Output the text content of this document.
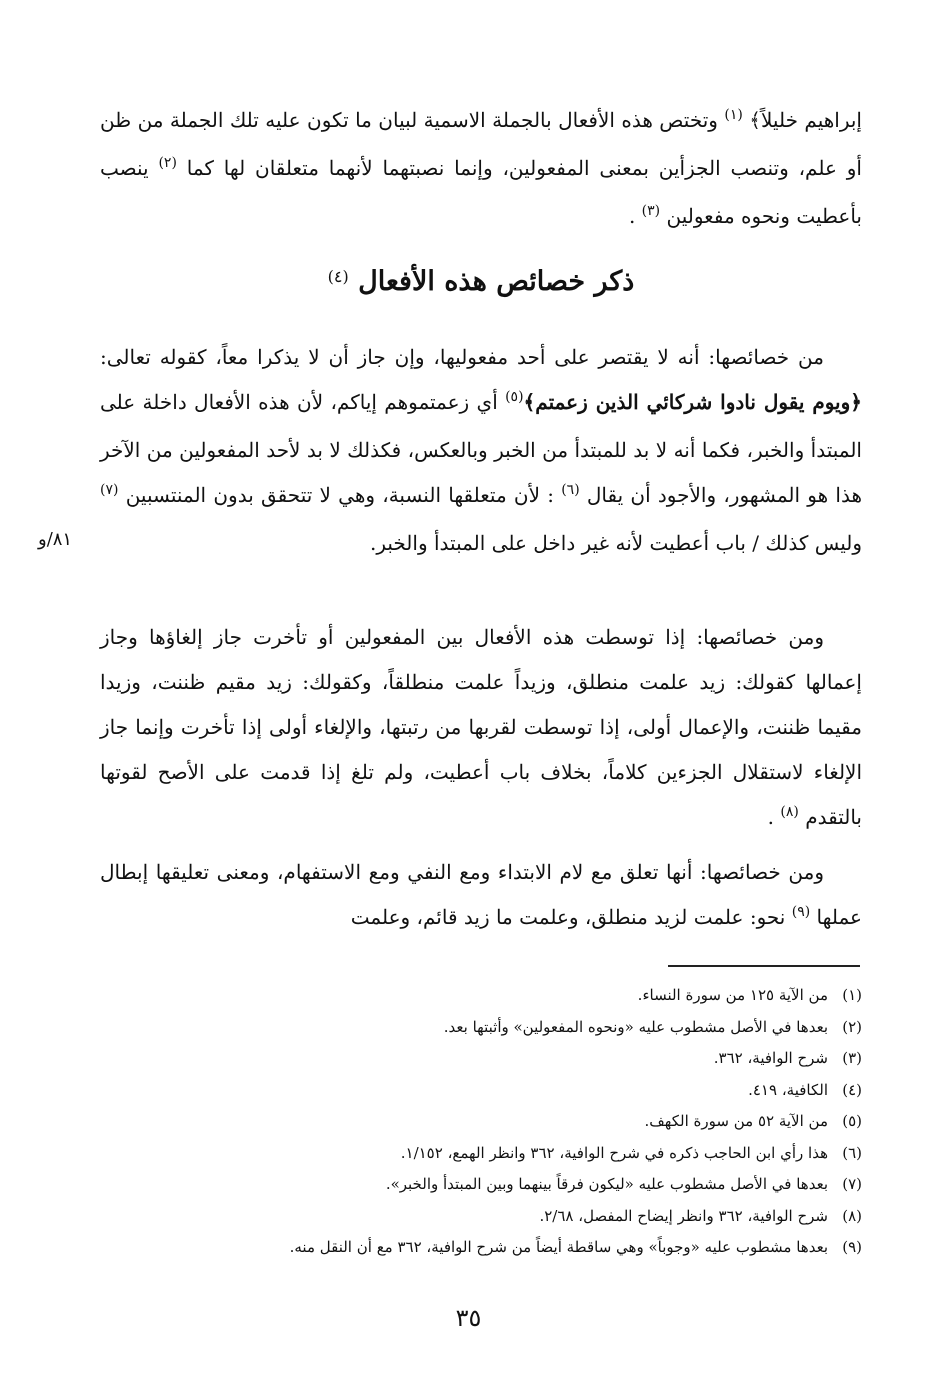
إبراهيم خليلاً﴾ $^{(١)}$ وتختص هذه الأفعال بالجملة الاسمية لبيان ما تكون عليه تلك الجملة من ظن أو علم، وتنصب الجزأين بمعنى المفعولين، وإنما نصبتهما لأنهما متعلقان لها كما $^{(٢)}$ ينصب بأعطيت ونحوه مفعولين $^{(٣)}$ .

ذكر خصائص هذه الأفعال $^{(٤)}$

من خصائصها: أنه لا يقتصر على أحد مفعوليها، وإن جاز أن لا يذكرا معاً، كقوله تعالى: ﴿ويوم يقول نادوا شركائي الذين زعمتم﴾$^{(٥)}$ أي زعمتموهم إياكم، لأن هذه الأفعال داخلة على المبتدأ والخبر، فكما أنه لا بد للمبتدأ من الخبر وبالعكس، فكذلك لا بد لأحد المفعولين من الآخر هذا هو المشهور، والأجود أن يقال $^{(٦)}$ : لأن متعلقها النسبة، وهي لا تتحقق بدون المنتسبين $^{(٧)}$ وليس كذلك / باب أعطيت لأنه غير داخل على المبتدأ والخبر.

٨١/و

ومن خصائصها: إذا توسطت هذه الأفعال بين المفعولين أو تأخرت جاز إلغاؤها وجاز إعمالها كقولك: زيد علمت منطلق، وزيداً علمت منطلقاً، وكقولك: زيد مقيم ظننت، وزيدا مقيما ظننت، والإعمال أولى، إذا توسطت لقربها من رتبتها، والإلغاء أولى إذا تأخرت وإنما جاز الإلغاء لاستقلال الجزءين كلاماً، بخلاف باب أعطيت، ولم تلغ إذا قدمت على الأصح لقوتها بالتقدم $^{(٨)}$ .

ومن خصائصها: أنها تعلق مع لام الابتداء ومع النفي ومع الاستفهام، ومعنى تعليقها إبطال عملها $^{(٩)}$ نحو: علمت لزيد منطلق، وعلمت ما زيد قائم، وعلمت

(١)من الآية ١٢٥ من سورة النساء.
(٢)بعدها في الأصل مشطوب عليه «ونحوه المفعولين» وأثبتها بعد.
(٣)شرح الوافية، ٣٦٢.
(٤)الكافية، ٤١٩.
(٥)من الآية ٥٢ من سورة الكهف.
(٦)هذا رأي ابن الحاجب ذكره في شرح الوافية، ٣٦٢ وانظر الهمع، ١/١٥٢.
(٧)بعدها في الأصل مشطوب عليه «ليكون فرقاً بينهما وبين المبتدأ والخبر».
(٨)شرح الوافية، ٣٦٢ وانظر إيضاح المفصل، ٢/٦٨.
(٩)بعدها مشطوب عليه «وجوباً» وهي ساقطة أيضاً من شرح الوافية، ٣٦٢ مع أن النقل منه.
٣٥
